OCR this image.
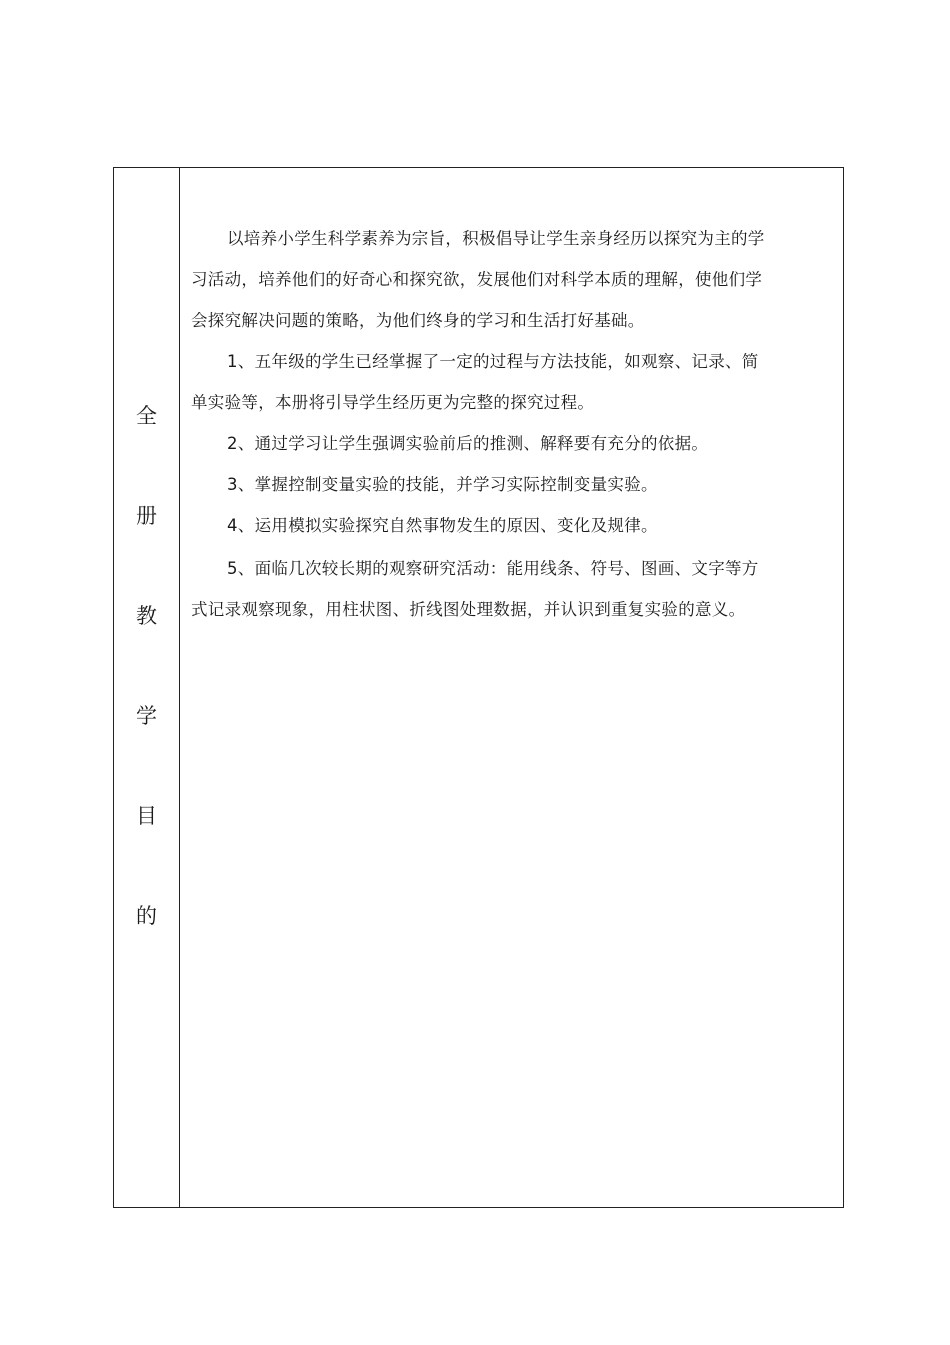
全
册
教
学
目
的
以培养小学生科学素养为宗旨，积极倡导让学生亲身经历以探究为主的学
习活动，培养他们的好奇心和探究欲，发展他们对科学本质的理解，使他们学
会探究解决问题的策略，为他们终身的学习和生活打好基础。
1、五年级的学生已经掌握了一定的过程与方法技能，如观察、记录、简
单实验等，本册将引导学生经历更为完整的探究过程。
2、通过学习让学生强调实验前后的推测、解释要有充分的依据。
3、掌握控制变量实验的技能，并学习实际控制变量实验。
4、运用模拟实验探究自然事物发生的原因、变化及规律。
5、面临几次较长期的观察研究活动：能用线条、符号、图画、文字等方
式记录观察现象，用柱状图、折线图处理数据，并认识到重复实验的意义。
